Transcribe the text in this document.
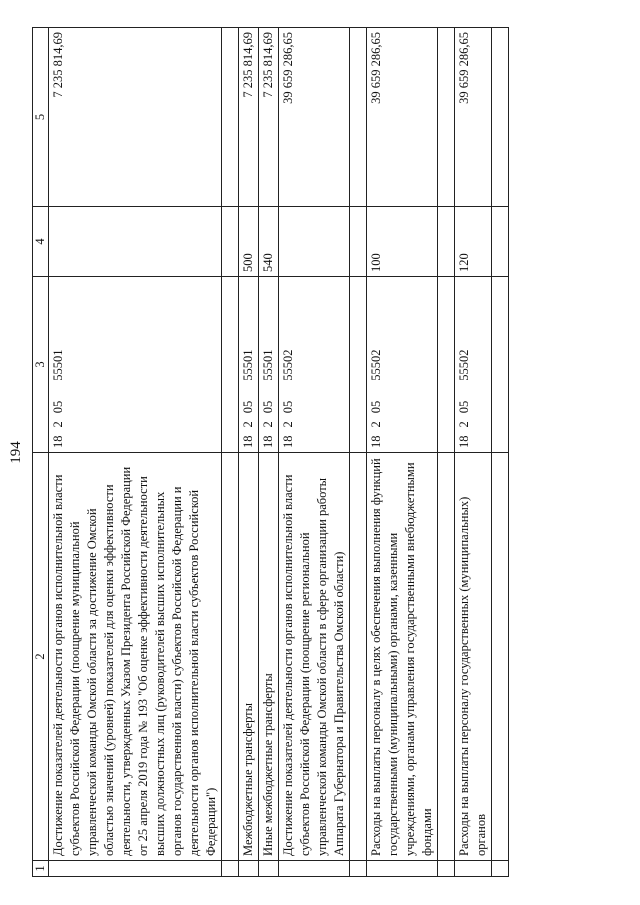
194
1	2	3	4	5
	Достижение показателей деятельности органов исполнительной власти субъектов Российской Федерации (поощрение муниципальной управленческой команды Омской области за достижение Омской областью значений (уровней) показателей для оценки эффективности деятельности, утвержденных Указом Президента Российской Федерации от 25 апреля 2019 года № 193 "Об оценке эффективности деятельности высших должностных лиц (руководителей высших исполнительных органов государственной власти) субъектов Российской Федерации и деятельности органов исполнительной власти субъектов Российской Федерации")	1820555501		7 235 814,69

	Межбюджетные трансферты	1820555501	500	7 235 814,69
	Иные межбюджетные трансферты	1820555501	540	7 235 814,69
	Достижение показателей деятельности органов исполнительной власти субъектов Российской Федерации (поощрение региональной управленческой команды Омской области в сфере организации работы Аппарата Губернатора и Правительства Омской области)	1820555502		39 659 286,65

	Расходы на выплаты персоналу в целях обеспечения выполнения функций государственными (муниципальными) органами, казенными учреждениями, органами управления государственными внебюджетными фондами	1820555502	100	39 659 286,65

	Расходы на выплаты персоналу государственных (муниципальных) органов	1820555502	120	39 659 286,65
